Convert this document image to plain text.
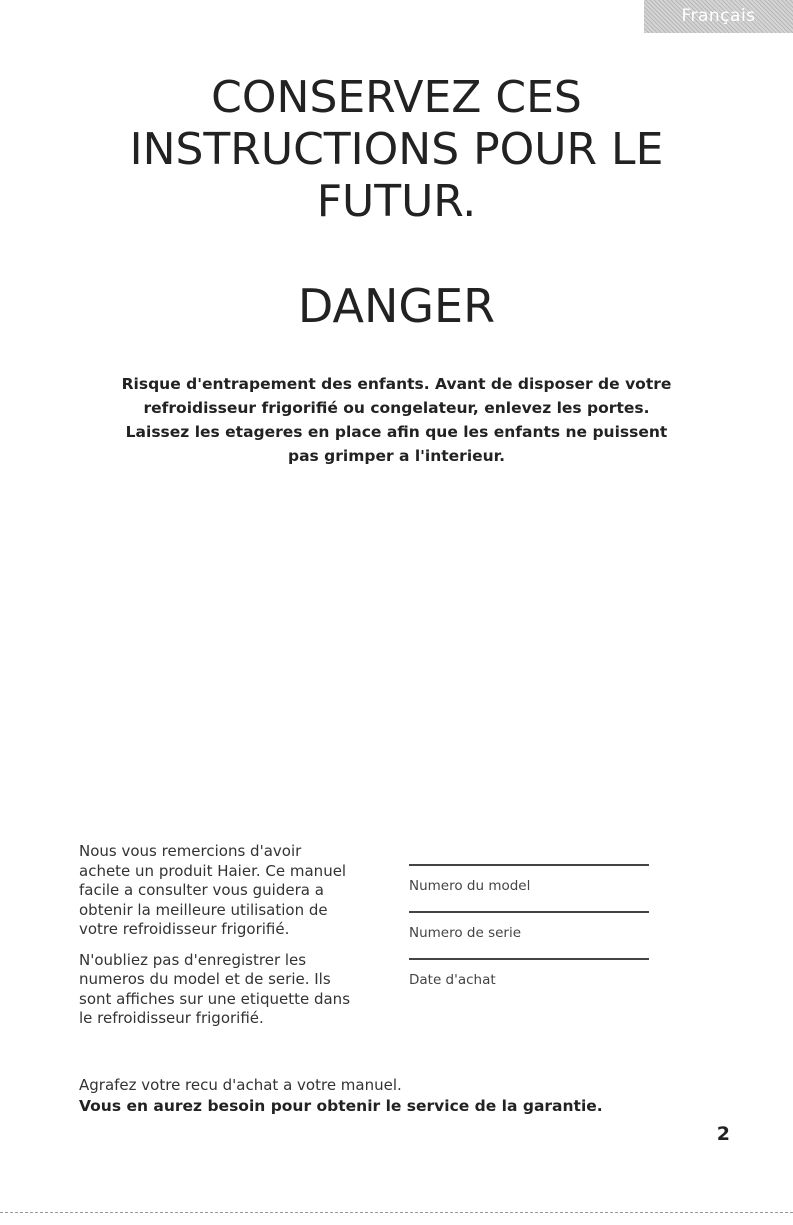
Français
CONSERVEZ CES
INSTRUCTIONS POUR LE
FUTUR.
DANGER

Risque d'entrapement des enfants. Avant de disposer de votre
refroidisseur frigorifié ou congelateur, enlevez les portes.
Laissez les etageres en place afin que les enfants ne puissent
pas grimper a l'interieur.

Nous vous remercions d'avoir
achete un produit Haier. Ce manuel
facile a consulter vous guidera a
obtenir la meilleure utilisation de
votre refroidisseur frigorifié.

N'oubliez pas d'enregistrer les
numeros du model et de serie. Ils
sont affiches sur une etiquette dans
le refroidisseur frigorifié.

Numero du model
Numero de serie
Date d'achat
Agrafez votre recu d'achat a votre manuel.
Vous en aurez besoin pour obtenir le service de la garantie.
2
